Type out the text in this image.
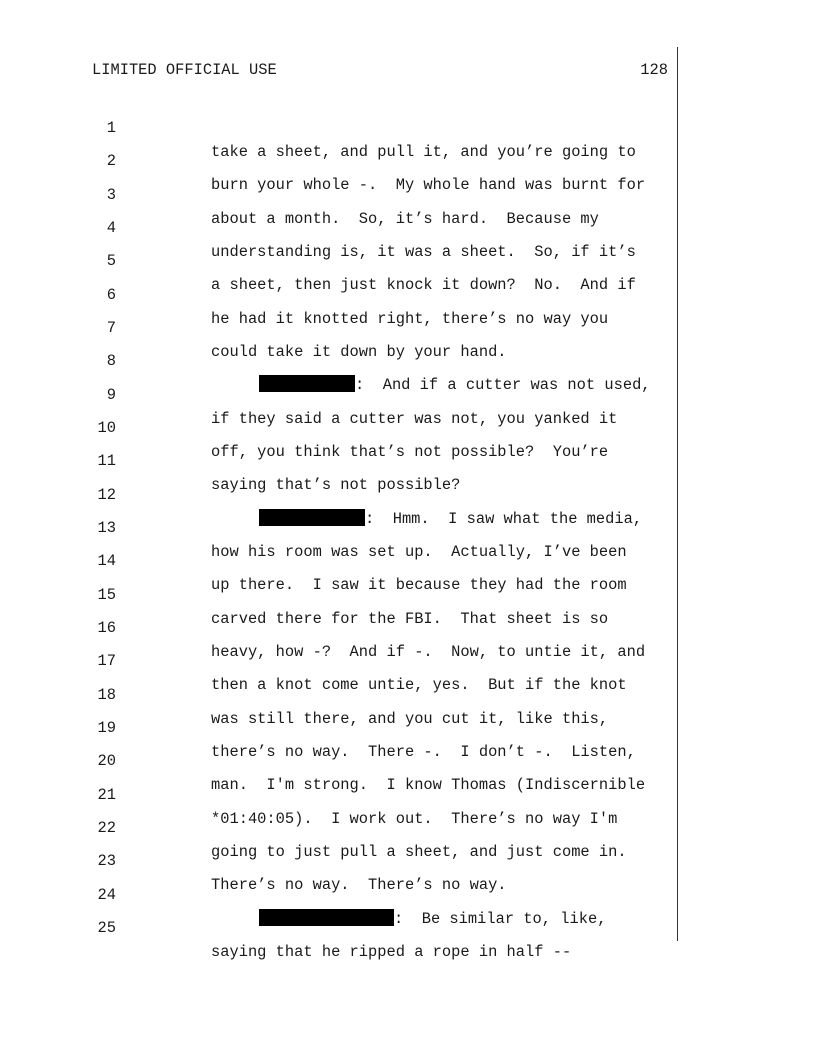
LIMITED OFFICIAL USE	128

1

take a sheet, and pull it, and you’re going to

2

burn your whole -.  My whole hand was burnt for

3

about a month.  So, it’s hard.  Because my

4

understanding is, it was a sheet.  So, if it’s

5

a sheet, then just knock it down?  No.  And if

6

he had it knotted right, there’s no way you

7

could take it down by your hand.

8

:  And if a cutter was not used,

9

if they said a cutter was not, you yanked it

10

off, you think that’s not possible?  You’re

11

saying that’s not possible?

12

:  Hmm.  I saw what the media,

13

how his room was set up.  Actually, I’ve been

14

up there.  I saw it because they had the room

15

carved there for the FBI.  That sheet is so

16

heavy, how -?  And if -.  Now, to untie it, and

17

then a knot come untie, yes.  But if the knot

18

was still there, and you cut it, like this,

19

there’s no way.  There -.  I don’t -.  Listen,

20

man.  I'm strong.  I know Thomas (Indiscernible

21

*01:40:05).  I work out.  There’s no way I'm

22

going to just pull a sheet, and just come in.

23

There’s no way.  There’s no way.

24

:  Be similar to, like,

25

saying that he ripped a rope in half --
